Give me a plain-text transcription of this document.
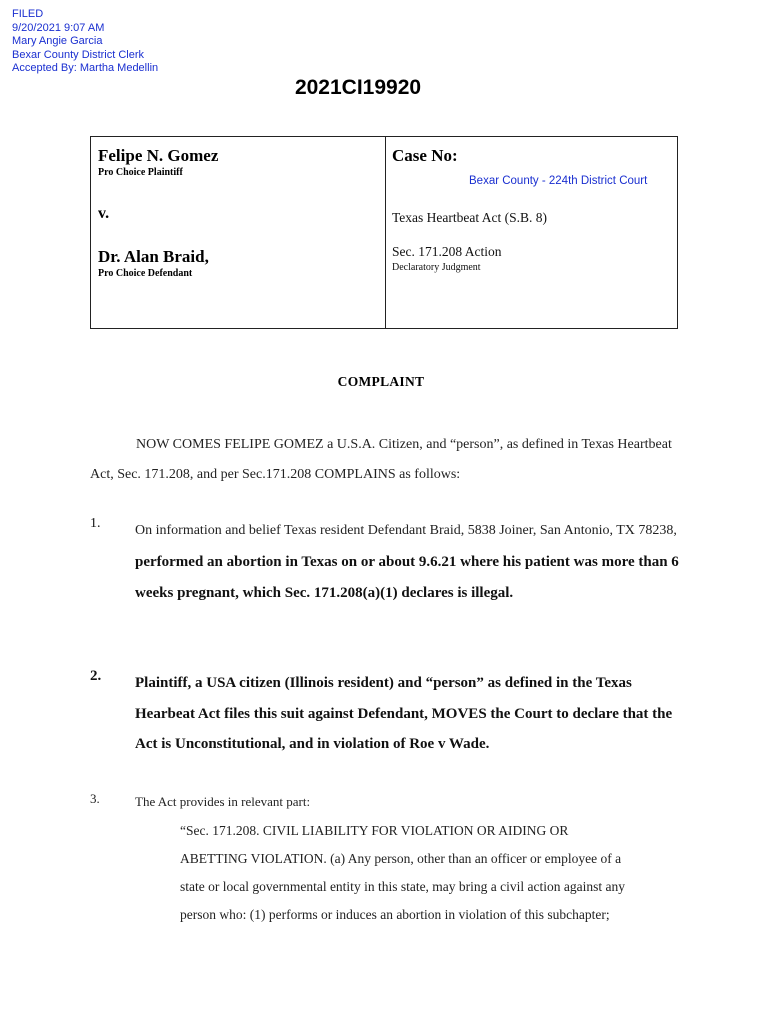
FILED
9/20/2021 9:07 AM
Mary Angie Garcia
Bexar County District Clerk
Accepted By: Martha Medellin
2021CI19920
Felipe N. Gomez
Pro Choice Plaintiff
v.
Dr. Alan Braid,
Pro Choice Defendant
Case No:
Bexar County - 224th District Court
Texas Heartbeat Act (S.B. 8)
Sec. 171.208 Action
Declaratory Judgment
COMPLAINT
NOW COMES FELIPE GOMEZ a U.S.A. Citizen, and “person”, as defined in Texas Heartbeat Act, Sec. 171.208, and per Sec.171.208 COMPLAINS as follows:
1. On information and belief Texas resident Defendant Braid, 5838 Joiner, San Antonio, TX 78238,  performed an abortion in Texas on or about 9.6.21 where his patient was more than 6 weeks pregnant, which Sec. 171.208(a)(1) declares is illegal.
2. Plaintiff, a USA citizen (Illinois resident) and “person” as defined in the Texas Hearbeat Act files this suit against Defendant, MOVES the Court to declare that the Act is Unconstitutional, and in violation of Roe v Wade.
3.	The Act provides in relevant part:
“Sec. 171.208. CIVIL LIABILITY FOR VIOLATION OR AIDING OR
ABETTING VIOLATION. (a) Any person, other than an officer or employee of a
state or local governmental entity in this state, may bring a civil action against any
person who: (1) performs or induces an abortion in violation of this subchapter;
